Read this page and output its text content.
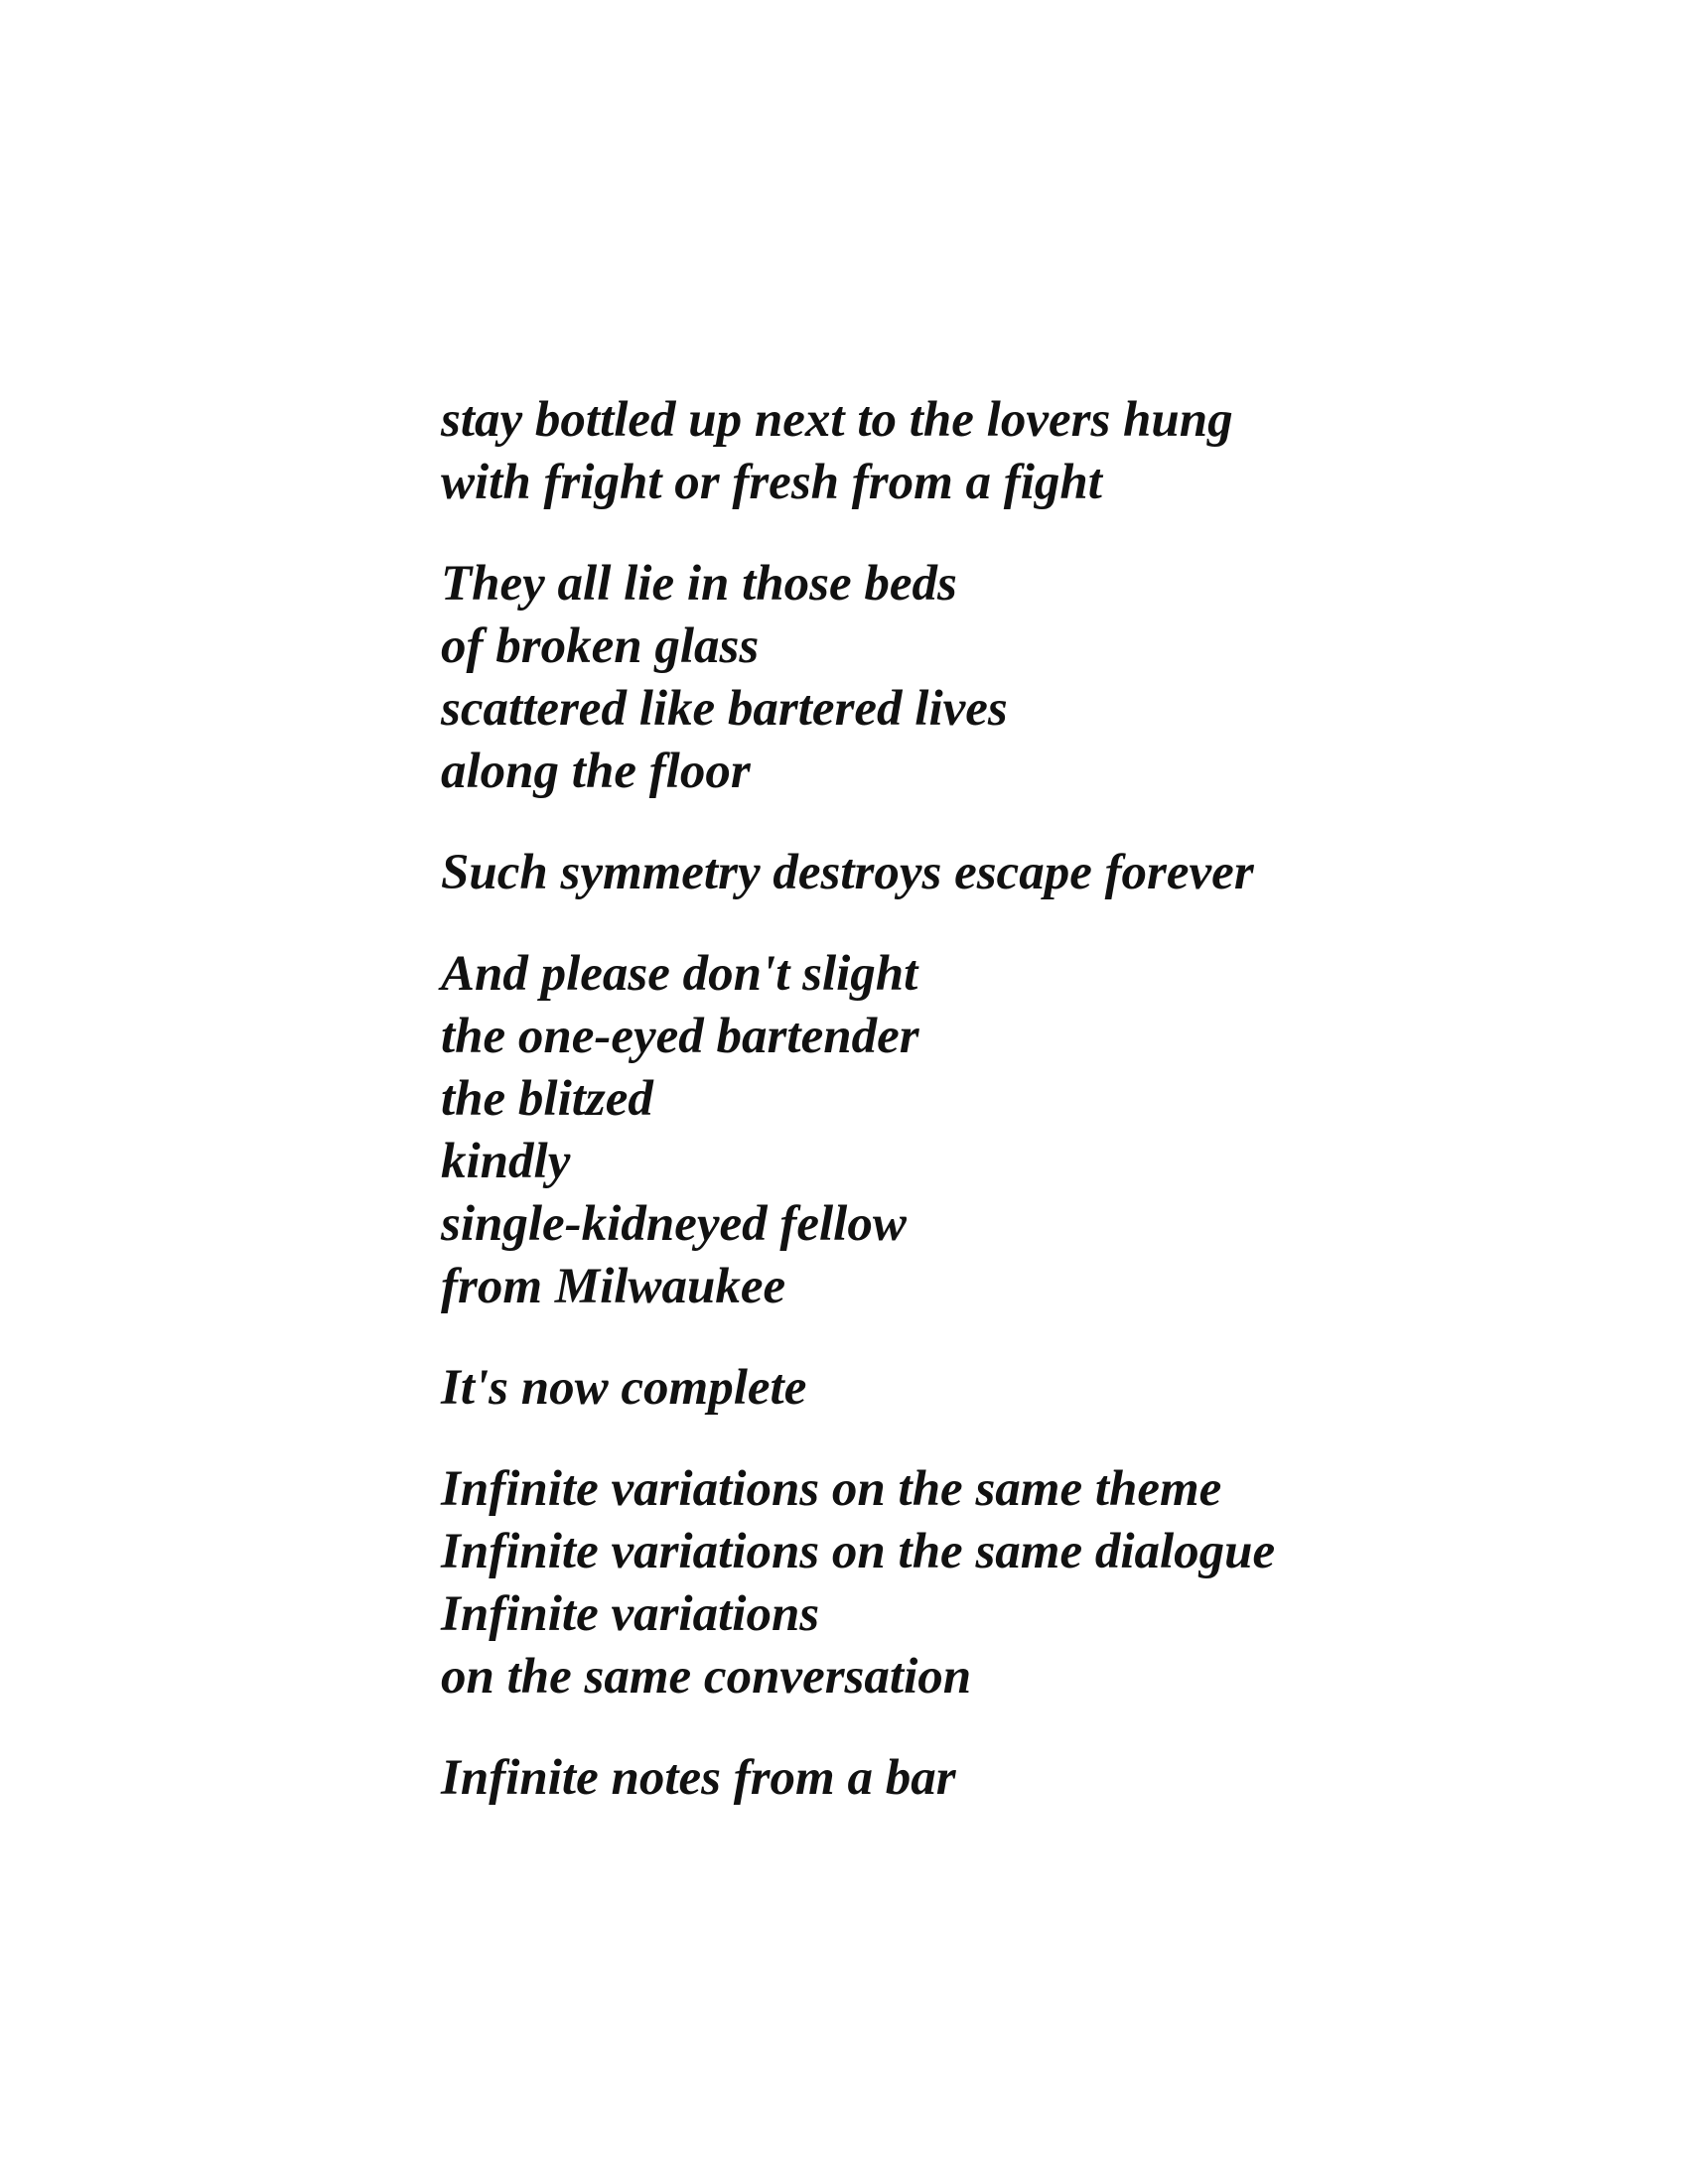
stay bottled up next to the lovers hung
with fright or fresh from a fight
They all lie in those beds
of broken glass
scattered like bartered lives
along the floor
Such symmetry destroys escape forever
And please don't slight
the one-eyed bartender
the blitzed
kindly
single-kidneyed fellow
from Milwaukee
It's now complete
Infinite variations on the same theme
Infinite variations on the same dialogue
Infinite variations
on the same conversation
Infinite notes from a bar
